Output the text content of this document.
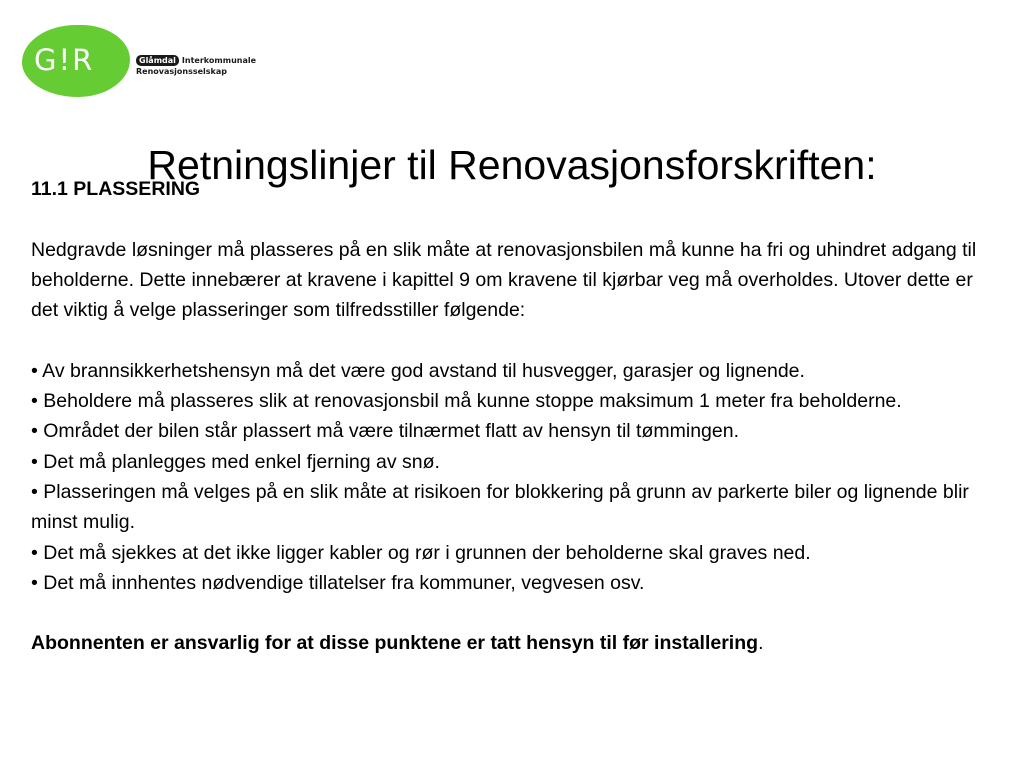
G!R	Glåmdal Interkommunale
Renovasjonsselskap
Retningslinjer til Renovasjonsforskriften:

11.1 PLASSERING

Nedgravde løsninger må plasseres på en slik måte at renovasjonsbilen må kunne ha fri og uhindret adgang til beholderne. Dette innebærer at kravene i kapittel 9 om kravene til kjørbar veg må overholdes. Utover dette er det viktig å velge plasseringer som tilfredsstiller følgende:

• Av brannsikkerhetshensyn må det være god avstand til husvegger, garasjer og lignende.
• Beholdere må plasseres slik at renovasjonsbil må kunne stoppe maksimum 1 meter fra beholderne.
• Området der bilen står plassert må være tilnærmet flatt av hensyn til tømmingen.
• Det må planlegges med enkel fjerning av snø.
• Plasseringen må velges på en slik måte at risikoen for blokkering på grunn av parkerte biler og lignende blir minst mulig.
• Det må sjekkes at det ikke ligger kabler og rør i grunnen der beholderne skal graves ned.
• Det må innhentes nødvendige tillatelser fra kommuner, vegvesen osv.

Abonnenten er ansvarlig for at disse punktene er tatt hensyn til før installering.
